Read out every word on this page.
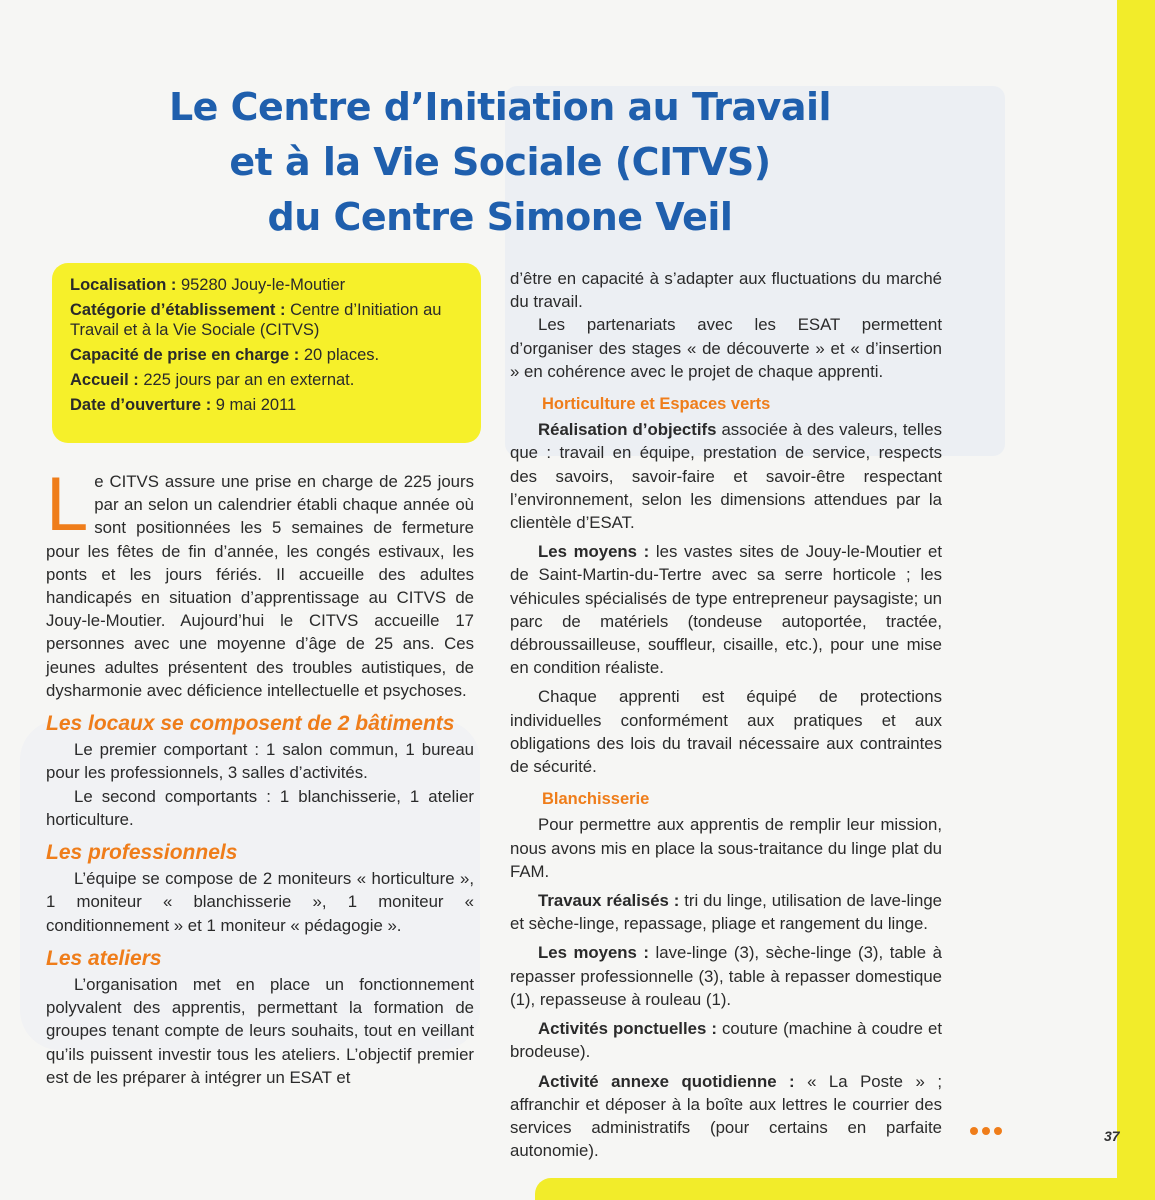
Le Centre d’Initiation au Travail
et à la Vie Sociale (CITVS)
du Centre Simone Veil

Localisation : 95280 Jouy-le-Moutier

Catégorie d’établissement : Centre d’Initiation au Travail et à la Vie Sociale (CITVS)

Capacité de prise en charge : 20 places.

Accueil : 225 jours par an en externat.

Date d’ouverture : 9 mai 2011

Le CITVS assure une prise en charge de 225 jours par an selon un calendrier établi chaque année où sont positionnées les 5 semaines de fermeture pour les fêtes de fin d’année, les congés estivaux, les ponts et les jours fériés. Il accueille des adultes handicapés en situation d’apprentissage au CITVS de Jouy-le-Moutier. Aujourd’hui le CITVS accueille 17 personnes avec une moyenne d’âge de 25 ans. Ces jeunes adultes présentent des troubles autistiques, de dysharmonie avec déficience intellectuelle et psychoses.

Les locaux se composent de 2 bâtiments

Le premier comportant : 1 salon commun, 1 bureau pour les professionnels, 3 salles d’activités.

Le second comportants : 1 blanchisserie, 1 atelier horticulture.

Les professionnels

L’équipe se compose de 2 moniteurs « horticulture », 1 moniteur « blanchisserie », 1 moniteur « conditionnement » et 1 moniteur « pédagogie ».

Les ateliers

L’organisation met en place un fonctionnement polyvalent des apprentis, permettant la formation de groupes tenant compte de leurs souhaits, tout en veillant qu’ils puissent investir tous les ateliers. L’objectif premier est de les préparer à intégrer un ESAT et

d’être en capacité à s’adapter aux fluctuations du marché du travail.

Les partenariats avec les ESAT permettent d’organiser des stages « de découverte » et « d’insertion » en cohérence avec le projet de chaque apprenti.

Horticulture et Espaces verts

Réalisation d’objectifs associée à des valeurs, telles que : travail en équipe, prestation de service, respects des savoirs, savoir-faire et savoir-être respectant l’environnement, selon les dimensions attendues par la clientèle d’ESAT.

Les moyens : les vastes sites de Jouy-le-Moutier et de Saint-Martin-du-Tertre avec sa serre horticole ; les véhicules spécialisés de type entrepreneur paysagiste; un parc de matériels (tondeuse autoportée, tractée, débroussailleuse, souffleur, cisaille, etc.), pour une mise en condition réaliste.

Chaque apprenti est équipé de protections individuelles conformément aux pratiques et aux obligations des lois du travail nécessaire aux contraintes de sécurité.

Blanchisserie

Pour permettre aux apprentis de remplir leur mission, nous avons mis en place la sous-traitance du linge plat du FAM.

Travaux réalisés : tri du linge, utilisation de lave-linge et sèche-linge, repassage, pliage et rangement du linge.

Les moyens : lave-linge (3), sèche-linge (3), table à repasser professionnelle (3), table à repasser domestique (1), repasseuse à rouleau (1).

Activités ponctuelles : couture (machine à coudre et brodeuse).

Activité annexe quotidienne : « La Poste » ; affranchir et déposer à la boîte aux lettres le courrier des services administratifs (pour certains en parfaite autonomie).

37
